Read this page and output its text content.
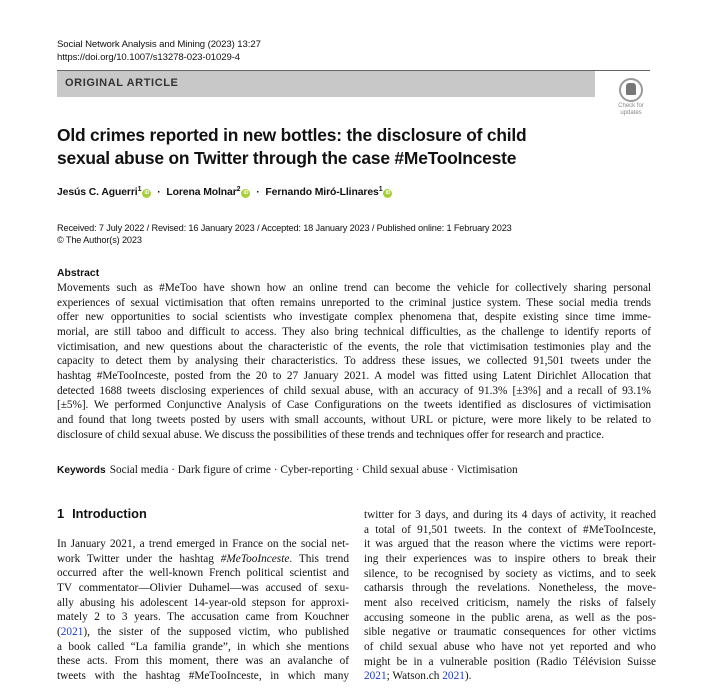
Social Network Analysis and Mining (2023) 13:27
https://doi.org/10.1007/s13278-023-01029-4
ORIGINAL ARTICLE
Check for
updates
Old crimes reported in new bottles: the disclosure of child
sexual abuse on Twitter through the case #MeTooInceste
Jesús C. Aguerri$^1$ iD · Lorena Molnar$^2$ iD · Fernando Miró-Llinares$^1$ iD
Received: 7 July 2022 / Revised: 16 January 2023 / Accepted: 18 January 2023 / Published online: 1 February 2023
© The Author(s) 2023
Abstract
Movements such as #MeToo have shown how an online trend can become the vehicle for collectively sharing personal
experiences of sexual victimisation that often remains unreported to the criminal justice system. These social media trends
offer new opportunities to social scientists who investigate complex phenomena that, despite existing since time imme-
morial, are still taboo and difficult to access. They also bring technical difficulties, as the challenge to identify reports of
victimisation, and new questions about the characteristic of the events, the role that victimisation testimonies play and the
capacity to detect them by analysing their characteristics. To address these issues, we collected 91,501 tweets under the
hashtag #MeTooInceste, posted from the 20 to 27 January 2021. A model was fitted using Latent Dirichlet Allocation that
detected 1688 tweets disclosing experiences of child sexual abuse, with an accuracy of 91.3% [±3%] and a recall of 93.1%
[±5%]. We performed Conjunctive Analysis of Case Configurations on the tweets identified as disclosures of victimisation
and found that long tweets posted by users with small accounts, without URL or picture, were more likely to be related to
disclosure of child sexual abuse. We discuss the possibilities of these trends and techniques offer for research and practice.
Keywords Social media · Dark figure of crime · Cyber-reporting · Child sexual abuse · Victimisation
1 Introduction
In January 2021, a trend emerged in France on the social net-
work Twitter under the hashtag #MeTooInceste. This trend
occurred after the well-known French political scientist and
TV commentator—Olivier Duhamel—was accused of sexu-
ally abusing his adolescent 14-year-old stepson for approxi-
mately 2 to 3 years. The accusation came from Kouchner
(2021), the sister of the supposed victim, who published
a book called “La familia grande”, in which she mentions
these acts. From this moment, there was an avalanche of
tweets with the hashtag #MeTooInceste, in which many
twitter for 3 days, and during its 4 days of activity, it reached
a total of 91,501 tweets. In the context of #MeTooInceste,
it was argued that the reason where the victims were report-
ing their experiences was to inspire others to break their
silence, to be recognised by society as victims, and to seek
catharsis through the revelations. Nonetheless, the move-
ment also received criticism, namely the risks of falsely
accusing someone in the public arena, as well as the pos-
sible negative or traumatic consequences for other victims
of child sexual abuse who have not yet reported and who
might be in a vulnerable position (Radio Télévision Suisse
2021; Watson.ch 2021).
